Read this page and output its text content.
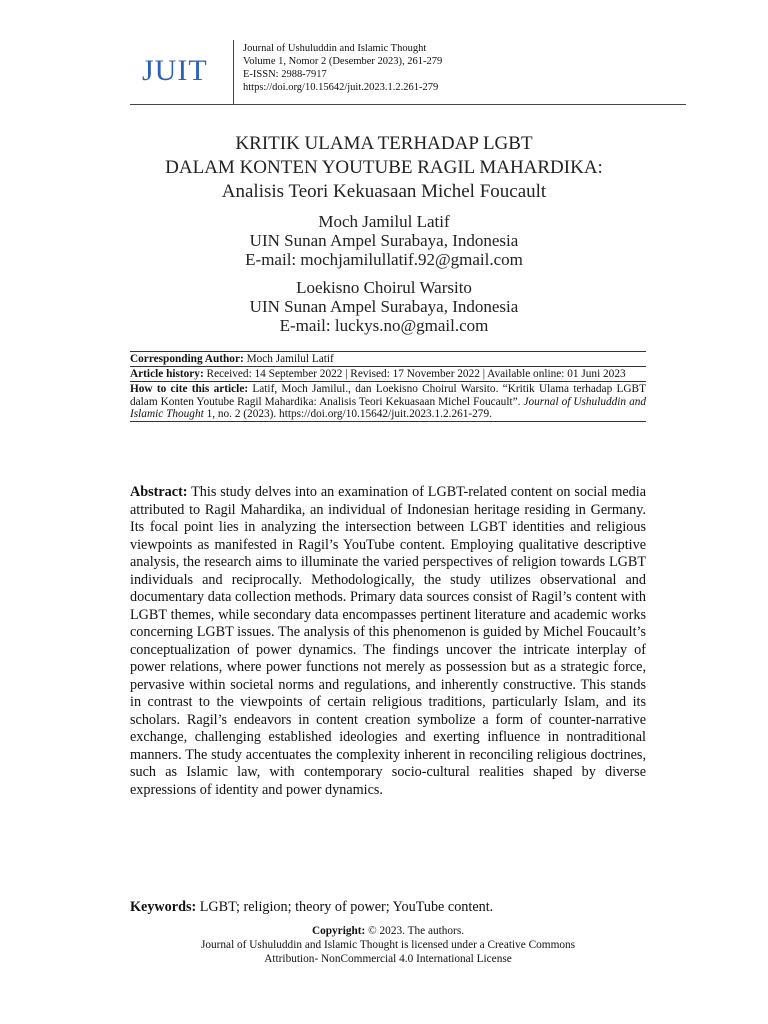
JUIT
Journal of Ushuluddin and Islamic Thought
Volume 1, Nomor 2 (Desember 2023), 261-279
E-ISSN: 2988-7917
https://doi.org/10.15642/juit.2023.1.2.261-279
KRITIK ULAMA TERHADAP LGBT
DALAM KONTEN YOUTUBE RAGIL MAHARDIKA:
Analisis Teori Kekuasaan Michel Foucault
Moch Jamilul Latif
UIN Sunan Ampel Surabaya, Indonesia
E-mail: mochjamilullatif.92@gmail.com
Loekisno Choirul Warsito
UIN Sunan Ampel Surabaya, Indonesia
E-mail: luckys.no@gmail.com
Corresponding Author: Moch Jamilul Latif
Article history: Received: 14 September 2022 | Revised: 17 November 2022 | Available online: 01 Juni 2023
How to cite this article: Latif, Moch Jamilul., dan Loekisno Choirul Warsito. “Kritik Ulama terhadap LGBT dalam Konten Youtube Ragil Mahardika: Analisis Teori Kekuasaan Michel Foucault”. Journal of Ushuluddin and Islamic Thought 1, no. 2 (2023). https://doi.org/10.15642/juit.2023.1.2.261-279.
Abstract: This study delves into an examination of LGBT-related content on social media attributed to Ragil Mahardika, an individual of Indonesian heritage residing in Germany. Its focal point lies in analyzing the intersection between LGBT identities and religious viewpoints as manifested in Ragil’s YouTube content. Employing qualitative descriptive analysis, the research aims to illuminate the varied perspectives of religion towards LGBT individuals and reciprocally. Methodologically, the study utilizes observational and documentary data collection methods. Primary data sources consist of Ragil’s content with LGBT themes, while secondary data encompasses pertinent literature and academic works concerning LGBT issues. The analysis of this phenomenon is guided by Michel Foucault’s conceptualization of power dynamics. The findings uncover the intricate interplay of power relations, where power functions not merely as possession but as a strategic force, pervasive within societal norms and regulations, and inherently constructive. This stands in contrast to the viewpoints of certain religious traditions, particularly Islam, and its scholars. Ragil’s endeavors in content creation symbolize a form of counter-narrative exchange, challenging established ideologies and exerting influence in nontraditional manners. The study accentuates the complexity inherent in reconciling religious doctrines, such as Islamic law, with contemporary socio-cultural realities shaped by diverse expressions of identity and power dynamics.
Keywords: LGBT; religion; theory of power; YouTube content.
Copyright: © 2023. The authors.
Journal of Ushuluddin and Islamic Thought is licensed under a Creative Commons
Attribution- NonCommercial 4.0 International License
